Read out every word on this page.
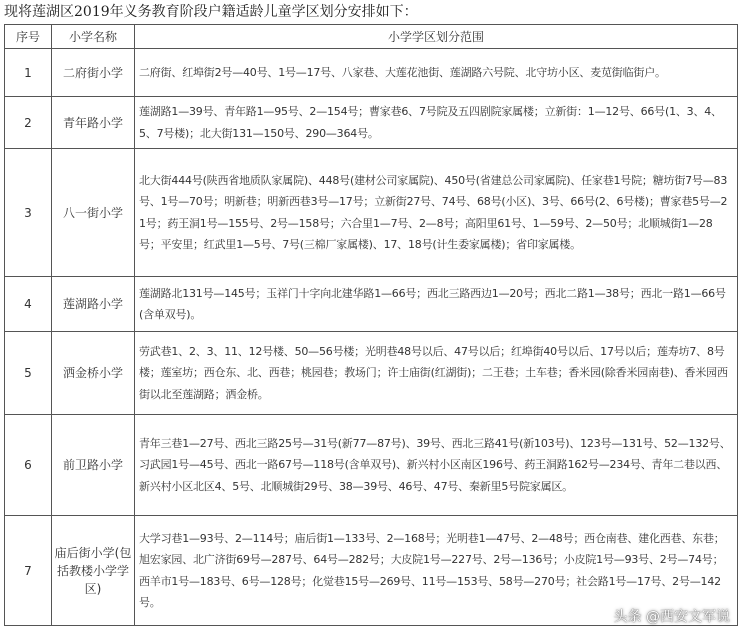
现将莲湖区2019年义务教育阶段户籍适龄儿童学区划分安排如下：
序号	小学名称	小学学区划分范围
1	二府街小学	二府街、红埠街2号—40号、1号—17号、八家巷、大莲花池街、莲湖路六号院、北守坊小区、麦苋街临街户。

2	青年路小学	莲湖路1—39号、青年路1—95号、2—154号；曹家巷6、7号院及五四剧院家属楼；立新街：1—12号、66号(1、3、4、5、7号楼)；北大街131—150号、290—364号。

3	八一街小学	北大街444号(陕西省地质队家属院)、448号(建材公司家属院)、450号(省建总公司家属院)、任家巷1号院；糖坊街7号—83号、1号—70号；明新巷；明新西巷3号—17号；立新街27号、74号、68号(小区)、3号、66号(2、6号楼)；曹家巷5号—21号；药王洞1号—155号、2号—158号；六合里1—7号、2—8号；高阳里61号、1—59号、2—50号；北顺城街1—28号；平安里；红武里1—5号、7号(三棉厂家属楼)、17、18号(计生委家属楼)；省印家属楼。

4	莲湖路小学	莲湖路北131号—145号；玉祥门十字向北建华路1—66号；西北三路西边1—20号；西北二路1—38号；西北一路1—66号(含单双号)。

5	洒金桥小学	劳武巷1、2、3、11、12号楼、50—56号楼；光明巷48号以后、47号以后；红埠街40号以后、17号以后；莲寿坊7、8号楼；莲室坊；西仓东、北、西巷；桃园巷；教场门；许士庙街(红湖街)；二王巷；土车巷；香米园(除香米园南巷)、香米园西街以北至莲湖路；洒金桥。

6	前卫路小学	青年三巷1—27号、西北三路25号—31号(新77—87号)、39号、西北三路41号(新103号)、123号—131号、52—132号、习武园1号—45号、西北一路67号—118号(含单双号)、新兴村小区南区196号、药王洞路162号—234号、青年二巷以西、新兴村小区北区4、5号、北顺城街29号、38—39号、46号、47号、秦新里5号院家属区。

7	庙后街小学(包括教楼小学学区)	大学习巷1—93号、2—114号；庙后街1—133号、2—168号；光明巷1—47号、2—48号；西仓南巷、建化西巷、东巷；旭宏家园、北广济街69号—287号、64号—282号；大皮院1号—227号、2号—136号；小皮院1号—93号、2号—74号；西羊市1号—183号、6号—128号；化觉巷15号—269号、11号—153号、58号—270号；社会路1号—17号、2号—142号。
头条 @西安文军说
